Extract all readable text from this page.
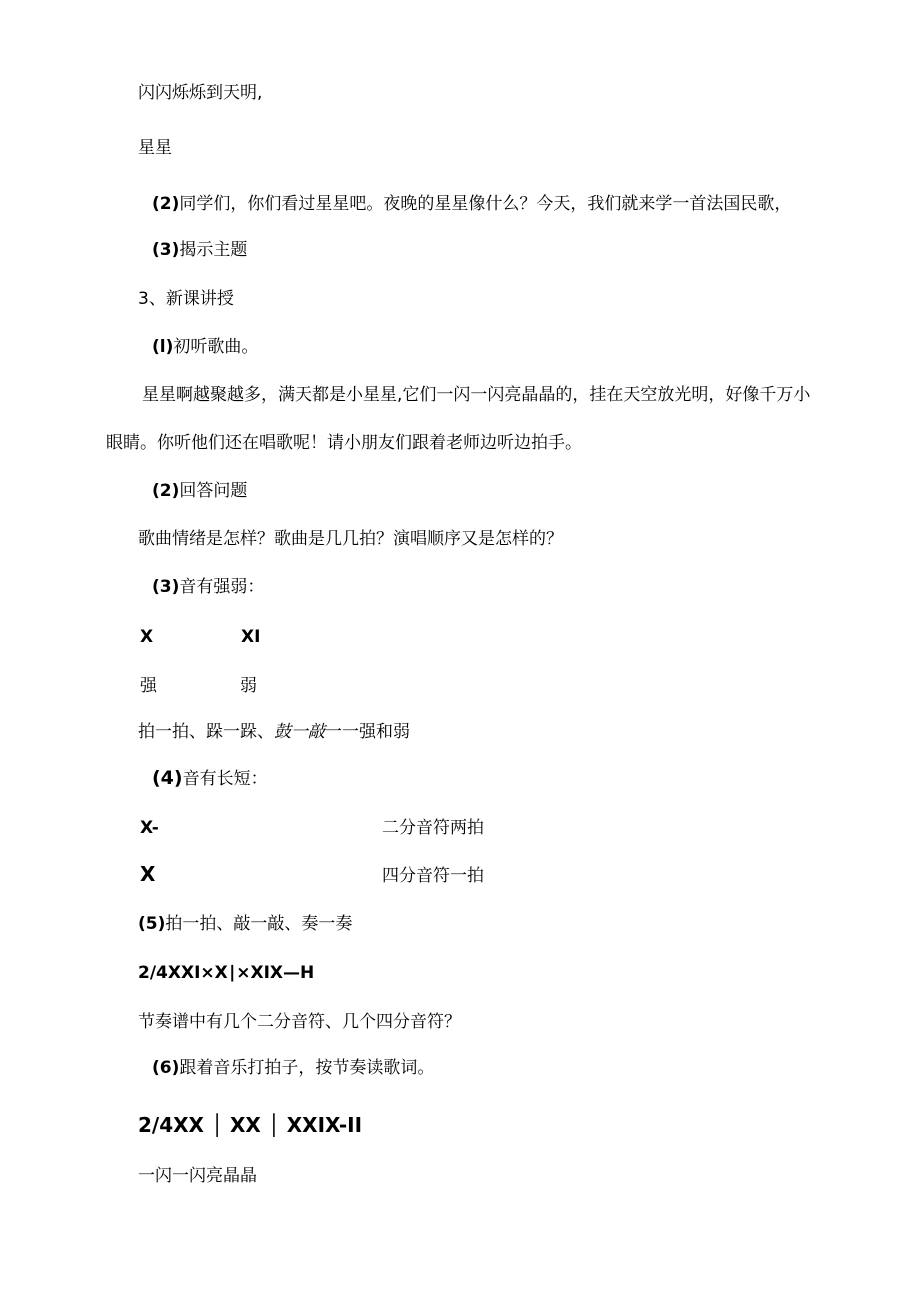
闪闪烁烁到天明,
星星
(2)同学们，你们看过星星吧。夜晚的星星像什么？今天，我们就来学一首法国民歌，
(3)揭示主题
3、新课讲授
(l)初听歌曲。
星星啊越聚越多，满天都是小星星,它们一闪一闪亮晶晶的，挂在天空放光明，好像千万小
眼睛。你听他们还在唱歌呢！请小朋友们跟着老师边听边拍手。
(2)回答问题
歌曲情绪是怎样？歌曲是几几拍？演唱顺序又是怎样的？
(3)音有强弱：
X	XI
强	弱
拍一拍、跺一跺、鼓一敲一一强和弱
(4)音有长短：
X-	二分音符两拍
X	四分音符一拍
(5)拍一拍、敲一敲、奏一奏
2/4XXI×X∣×XIX—H
节奏谱中有几个二分音符、几个四分音符？
(6)跟着音乐打拍子，按节奏读歌词。
2/4XX │ XX │ XXIX-II
一闪一闪亮晶晶
